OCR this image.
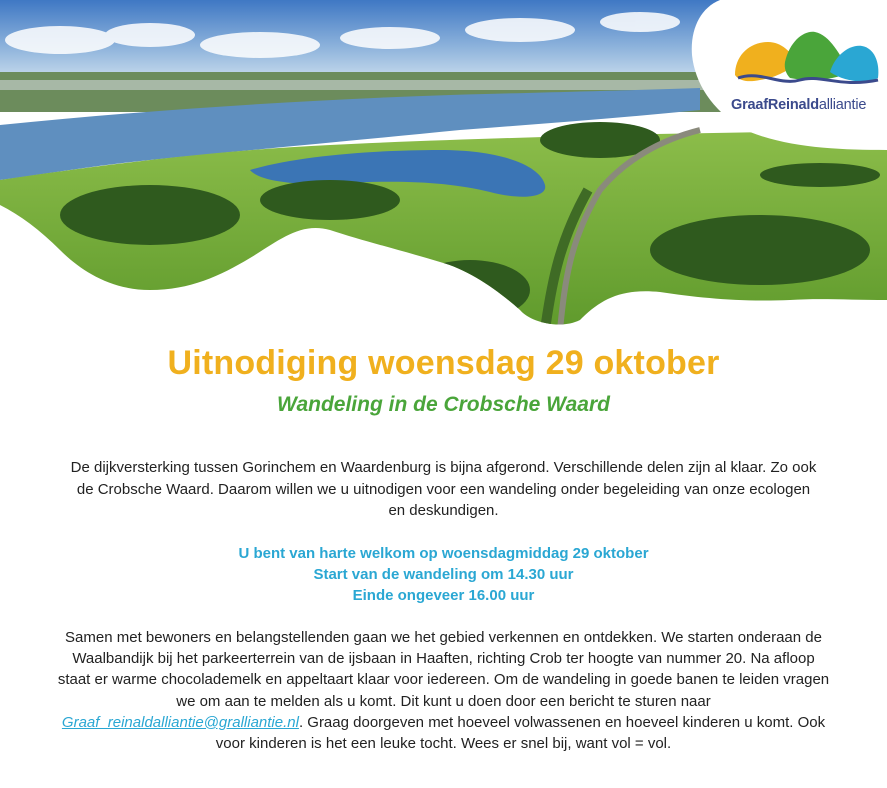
GraafReinaldalliantie
Uitnodiging woensdag 29 oktober
Wandeling in de Crobsche Waard
De dijkversterking tussen Gorinchem en Waardenburg is bijna afgerond. Verschillende delen zijn al klaar. Zo ook de Crobsche Waard. Daarom willen we u uitnodigen voor een wandeling onder begeleiding van onze ecologen en deskundigen.
U bent van harte welkom op woensdagmiddag 29 oktober
Start van de wandeling om 14.30 uur
Einde ongeveer 16.00 uur
Samen met bewoners en belangstellenden gaan we het gebied verkennen en ontdekken. We starten onderaan de Waalbandijk bij het parkeerterrein van de ijsbaan in Haaften, richting Crob ter hoogte van nummer 20. Na afloop staat er warme chocolademelk en appeltaart klaar voor iedereen. Om de wandeling in goede banen te leiden vragen we om aan te melden als u komt. Dit kunt u doen door een bericht te sturen naar Graaf_reinaldalliantie@gralliantie.nl. Graag doorgeven met hoeveel volwassenen en hoeveel kinderen u komt. Ook voor kinderen is het een leuke tocht. Wees er snel bij, want vol = vol.
